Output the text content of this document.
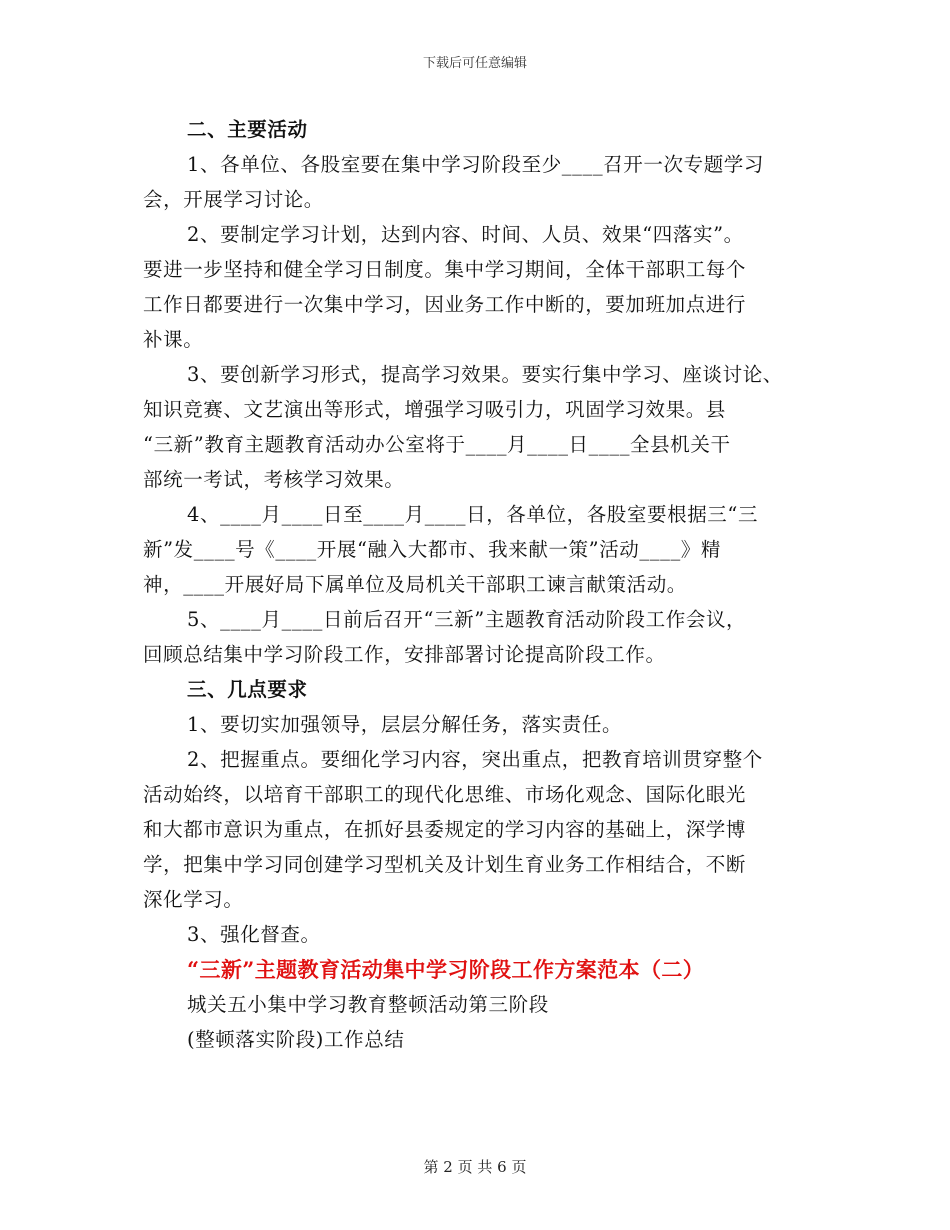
下载后可任意编辑
二、主要活动
1、各单位、各股室要在集中学习阶段至少____召开一次专题学习
会，开展学习讨论。
2、要制定学习计划，达到内容、时间、人员、效果“四落实”。
要进一步坚持和健全学习日制度。集中学习期间，全体干部职工每个
工作日都要进行一次集中学习，因业务工作中断的，要加班加点进行
补课。
3、要创新学习形式，提高学习效果。要实行集中学习、座谈讨论、
知识竞赛、文艺演出等形式，增强学习吸引力，巩固学习效果。县
“三新”教育主题教育活动办公室将于____月____日____全县机关干
部统一考试，考核学习效果。
4、____月____日至____月____日，各单位，各股室要根据三“三
新”发____号《____开展“融入大都市、我来献一策”活动____》精
神，____开展好局下属单位及局机关干部职工谏言献策活动。
5、____月____日前后召开“三新”主题教育活动阶段工作会议，
回顾总结集中学习阶段工作，安排部署讨论提高阶段工作。
三、几点要求
1、要切实加强领导，层层分解任务，落实责任。
2、把握重点。要细化学习内容，突出重点，把教育培训贯穿整个
活动始终，以培育干部职工的现代化思维、市场化观念、国际化眼光
和大都市意识为重点，在抓好县委规定的学习内容的基础上，深学博
学，把集中学习同创建学习型机关及计划生育业务工作相结合，不断
深化学习。
3、强化督查。
“三新”主题教育活动集中学习阶段工作方案范本（二）
城关五小集中学习教育整顿活动第三阶段
(整顿落实阶段)工作总结
第 2 页 共 6 页
